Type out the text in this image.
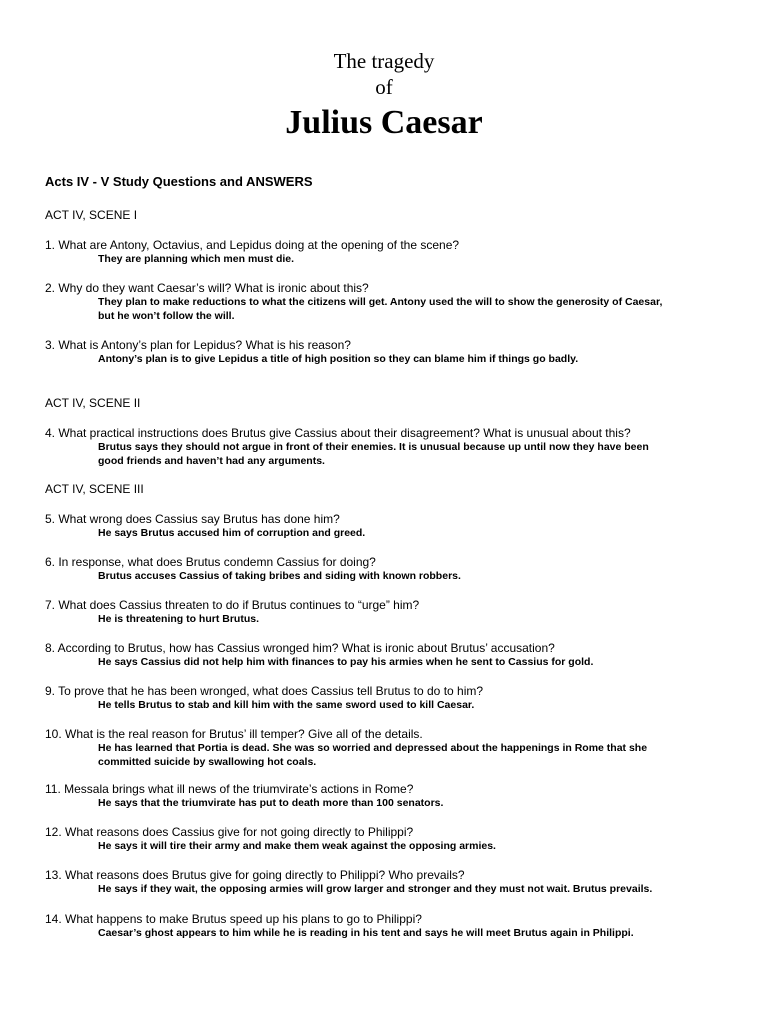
The tragedy
of
Julius Caesar
Acts IV - V Study Questions and ANSWERS
ACT IV, SCENE I
1. What are Antony, Octavius, and Lepidus doing at the opening of the scene?
They are planning which men must die.
2. Why do they want Caesar’s will? What is ironic about this?
They plan to make reductions to what the citizens will get. Antony used the will to show the generosity of Caesar,
but he won’t follow the will.
3. What is Antony’s plan for Lepidus? What is his reason?
Antony’s plan is to give Lepidus a title of high position so they can blame him if things go badly.
ACT IV, SCENE II
4. What practical instructions does Brutus give Cassius about their disagreement? What is unusual about this?
Brutus says they should not argue in front of their enemies. It is unusual because up until now they have been
good friends and haven’t had any arguments.
ACT IV, SCENE III
5. What wrong does Cassius say Brutus has done him?
He says Brutus accused him of corruption and greed.
6. In response, what does Brutus condemn Cassius for doing?
Brutus accuses Cassius of taking bribes and siding with known robbers.
7. What does Cassius threaten to do if Brutus continues to “urge” him?
He is threatening to hurt Brutus.
8. According to Brutus, how has Cassius wronged him? What is ironic about Brutus’ accusation?
He says Cassius did not help him with finances to pay his armies when he sent to Cassius for gold.
9. To prove that he has been wronged, what does Cassius tell Brutus to do to him?
He tells Brutus to stab and kill him with the same sword used to kill Caesar.
10. What is the real reason for Brutus’ ill temper? Give all of the details.
He has learned that Portia is dead. She was so worried and depressed about the happenings in Rome that she
committed suicide by swallowing hot coals.
11. Messala brings what ill news of the triumvirate’s actions in Rome?
He says that the triumvirate has put to death more than 100 senators.
12. What reasons does Cassius give for not going directly to Philippi?
He says it will tire their army and make them weak against the opposing armies.
13. What reasons does Brutus give for going directly to Philippi? Who prevails?
He says if they wait, the opposing armies will grow larger and stronger and they must not wait. Brutus prevails.
14. What happens to make Brutus speed up his plans to go to Philippi?
Caesar’s ghost appears to him while he is reading in his tent and says he will meet Brutus again in Philippi.
